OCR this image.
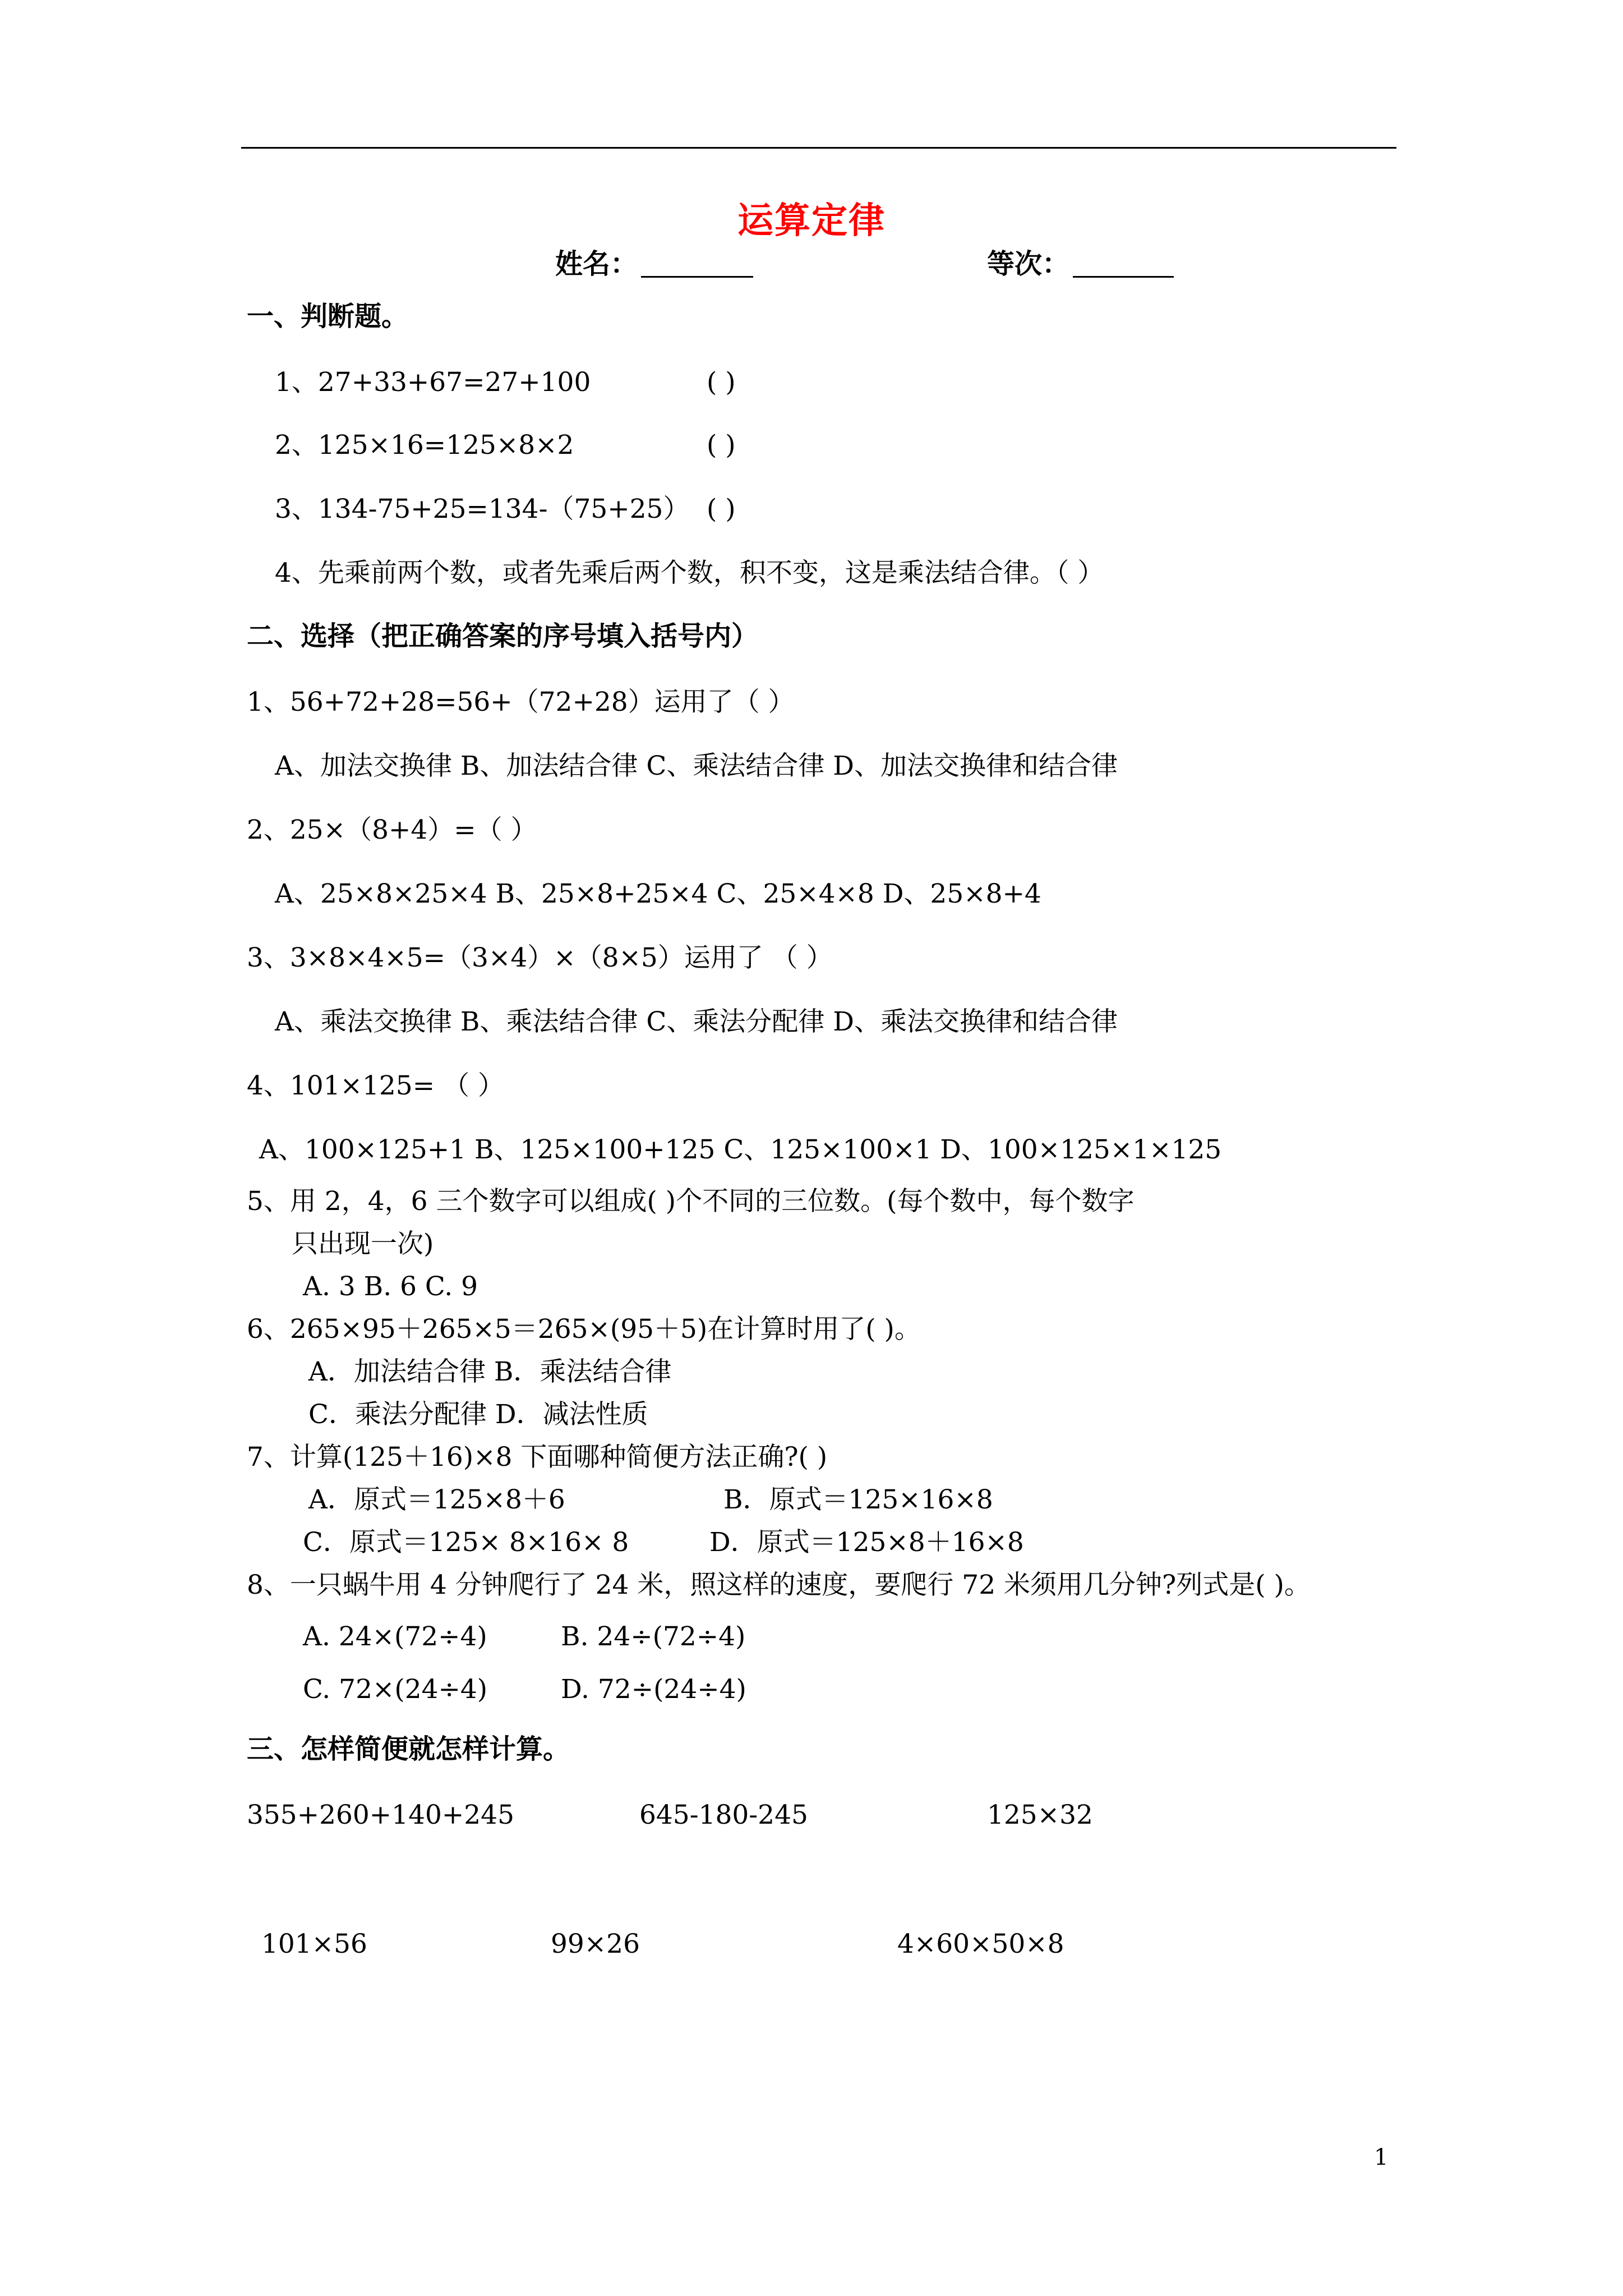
运算定律
姓名：	等次：
一、判断题。
1、27+33+67=27+100	( )
2、125×16=125×8×2	( )
3、134-75+25=134-（75+25） ( )
4、先乘前两个数，或者先乘后两个数，积不变，这是乘法结合律。（ ）
二、选择（把正确答案的序号填入括号内）
1、56+72+28=56+（72+28）运用了（ ）
A、加法交换律 B、加法结合律 C、乘法结合律 D、加法交换律和结合律
2、25×（8+4）=（ ）
A、25×8×25×4 B、25×8+25×4 C、25×4×8 D、25×8+4
3、3×8×4×5=（3×4）×（8×5）运用了 （ ）
A、乘法交换律 B、乘法结合律 C、乘法分配律 D、乘法交换律和结合律
4、101×125= （ ）
A、100×125+1 B、125×100+125 C、125×100×1 D、100×125×1×125
5、用 2，4，6 三个数字可以组成( )个不同的三位数。(每个数中，每个数字
只出现一次)
A. 3 B. 6 C. 9
6、265×95＋265×5＝265×(95＋5)在计算时用了( )。
A．加法结合律 B．乘法结合律
C．乘法分配律 D．减法性质
7、计算(125＋16)×8 下面哪种简便方法正确?( )
A．原式＝125×8＋6	B．原式＝125×16×8
C．原式＝125× 8×16× 8	D．原式＝125×8＋16×8
8、一只蜗牛用 4 分钟爬行了 24 米，照这样的速度，要爬行 72 米须用几分钟?列式是( )。
A. 24×(72÷4)	B. 24÷(72÷4)
C. 72×(24÷4)	D. 72÷(24÷4)
三、怎样简便就怎样计算。
355+260+140+245	645-180-245	125×32
101×56	99×26	4×60×50×8
1
